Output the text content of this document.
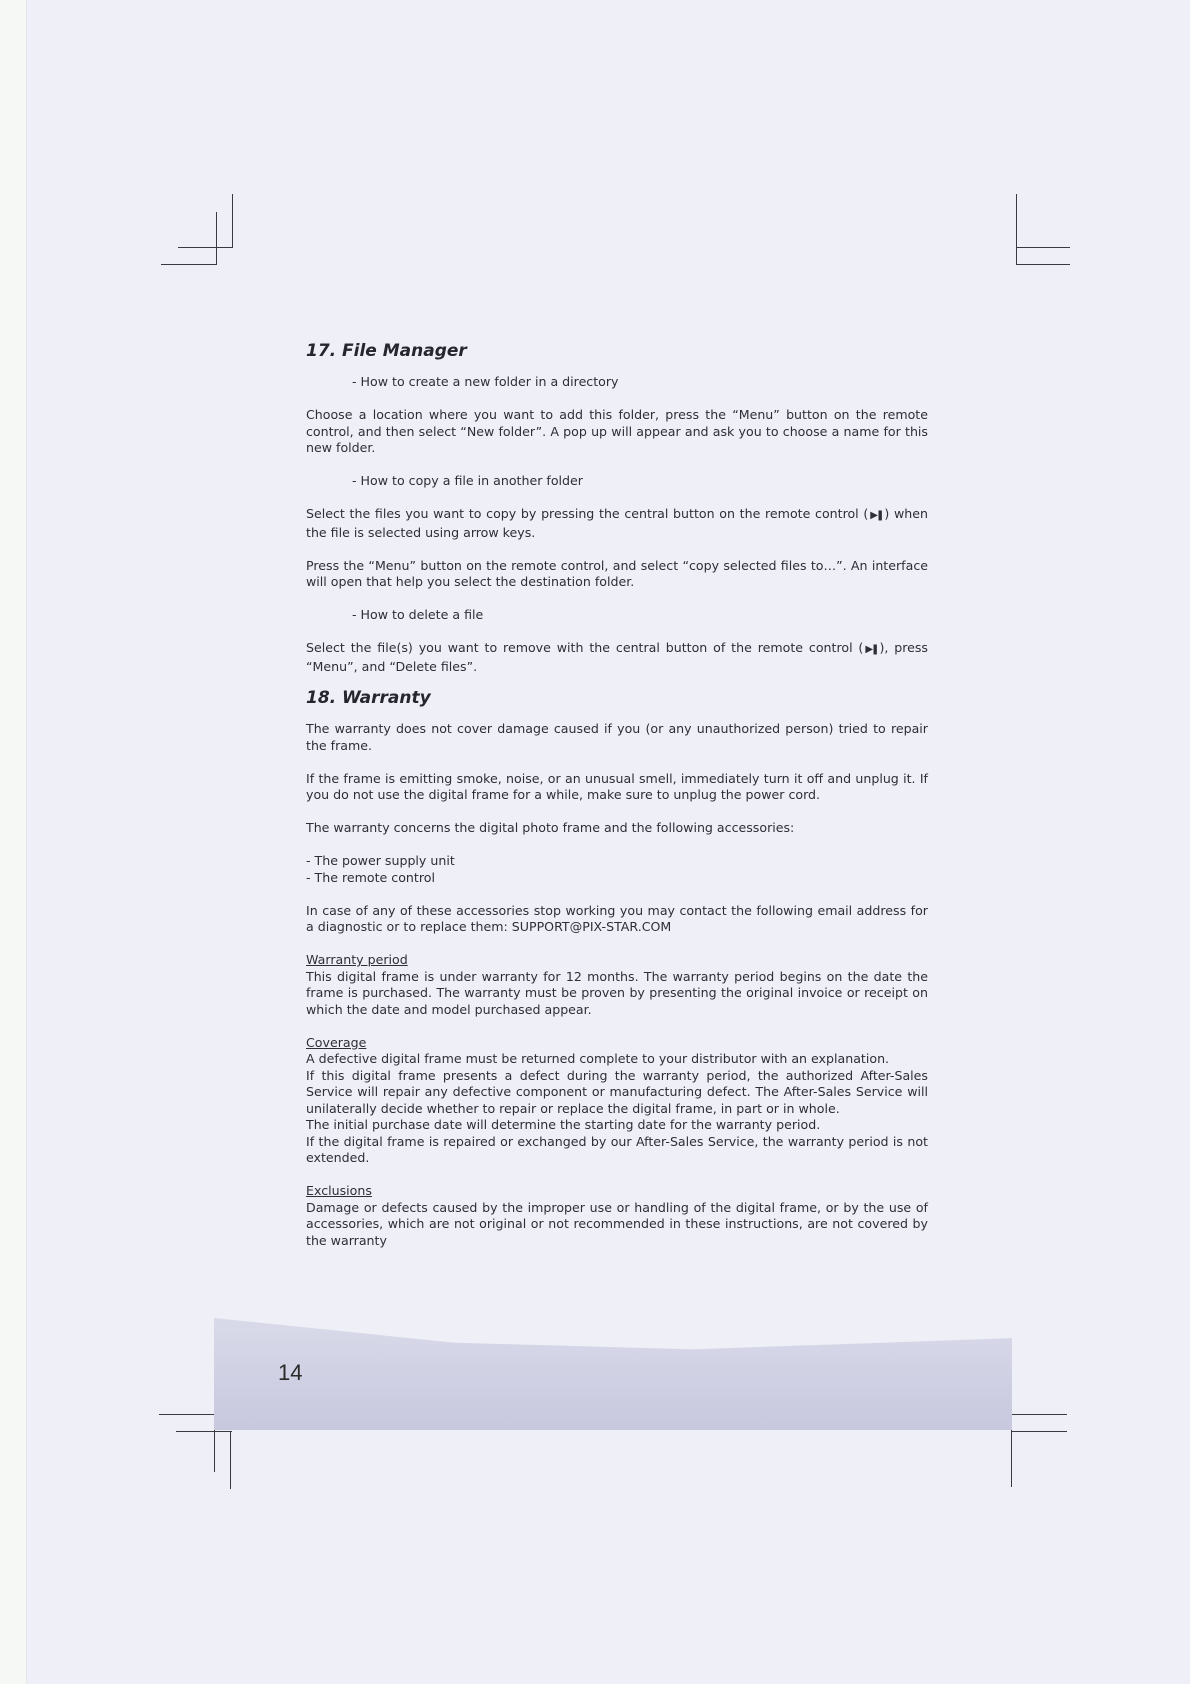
17. File Manager

- How to create a new folder in a directory

Choose a location where you want to add this folder, press the “Menu” button on the remote control, and then select “New folder”. A pop up will appear and ask you to choose a name for this new folder.

- How to copy a file in another folder

Select the files you want to copy by pressing the central button on the remote control ( ▶❚ ) when the file is selected using arrow keys.

Press the “Menu” button on the remote control, and select “copy selected files to…”. An interface will open that help you select the destination folder.

- How to delete a file

Select the file(s) you want to remove with the central button of the remote control ( ▶❚ ), press “Menu”, and “Delete files”.

18. Warranty

The warranty does not cover damage caused if you (or any unauthorized person) tried to repair the frame.

If the frame is emitting smoke, noise, or an unusual smell, immediately turn it off and unplug it. If you do not use the digital frame for a while, make sure to unplug the power cord.

The warranty concerns the digital photo frame and the following accessories:

- The power supply unit
- The remote control

In case of any of these accessories stop working you may contact the following email address for a diagnostic or to replace them: SUPPORT@PIX-STAR.COM

Warranty period
This digital frame is under warranty for 12 months. The warranty period begins on the date the frame is purchased. The warranty must be proven by presenting the original invoice or receipt on which the date and model purchased appear.

Coverage
A defective digital frame must be returned complete to your distributor with an explanation.
If this digital frame presents a defect during the warranty period, the authorized After-Sales Service will repair any defective component or manufacturing defect. The After-Sales Service will unilaterally decide whether to repair or replace the digital frame, in part or in whole.
The initial purchase date will determine the starting date for the warranty period.
If the digital frame is repaired or exchanged by our After-Sales Service, the warranty period is not extended.

Exclusions
Damage or defects caused by the improper use or handling of the digital frame, or by the use of accessories, which are not original or not recommended in these instructions, are not covered by the warranty

14
